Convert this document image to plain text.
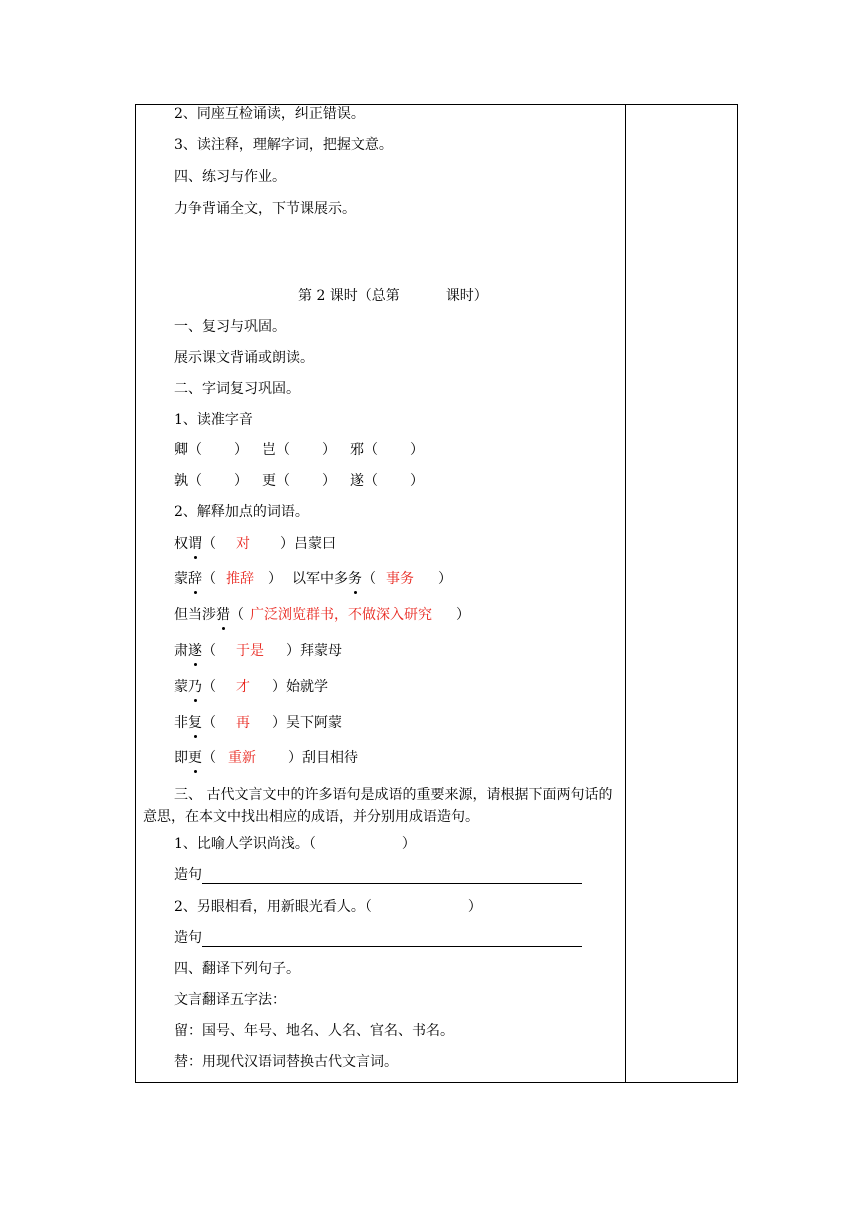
2、同座互检诵读，纠正错误。
3、读注释，理解字词，把握文意。
四、练习与作业。
力争背诵全文，下节课展示。
第 2 课时（总第	课时）
一、复习与巩固。
展示课文背诵或朗读。
二、字词复习巩固。
1、读准字音
卿（ ） 岂（ ） 邪（ ）
孰（ ） 更（ ） 遂（ ）
2、解释加点的词语。
权谓（ 对 ）吕蒙曰
蒙辞（ 推辞 ） 以军中多务（ 事务 ）
但当涉猎（ 广泛浏览群书，不做深入研究 ）
肃遂（ 于是 ）拜蒙母
蒙乃（ 才 ）始就学
非复（ 再 ）吴下阿蒙
即更（ 重新 ）刮目相待
三、 古代文言文中的许多语句是成语的重要来源，请根据下面两句话的意思，在本文中找出相应的成语，并分别用成语造句。
1、比喻人学识尚浅。（	）
造句
2、另眼相看，用新眼光看人。（	）
造句
四、翻译下列句子。
文言翻译五字法：
留：国号、年号、地名、人名、官名、书名。
替：用现代汉语词替换古代文言词。
